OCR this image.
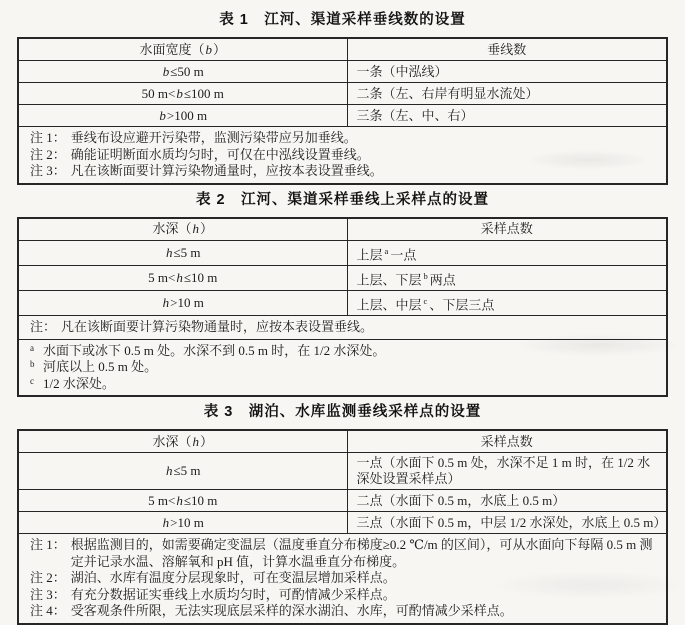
表 1　江河、渠道采样垂线数的设置
水面宽度（b）	垂线数
b≤50 m	一条（中泓线）
50 m<b≤100 m	二条（左、右岸有明显水流处）
b>100 m	三条（左、中、右）

注 1： 垂线布设应避开污染带，监测污染带应另加垂线。
注 2： 确能证明断面水质均匀时，可仅在中泓线设置垂线。
注 3： 凡在该断面要计算污染物通量时，应按本表设置垂线。
表 2　江河、渠道采样垂线上采样点的设置
水深（h）	采样点数
h≤5 m	上层 $^a$ 一点
5 m<h≤10 m	上层、下层 $^b$ 两点
h>10 m	上层、中层 $^c$ 、下层三点

注： 凡在该断面要计算污染物通量时，应按本表设置垂线。	

a 水面下或冰下 0.5 m 处。水深不到 0.5 m 时，在 1/2 水深处。
b 河底以上 0.5 m 处。
c 1/2 水深处。
表 3　湖泊、水库监测垂线采样点的设置
水深（h）	采样点数
h≤5 m	一点（水面下 0.5 m 处，水深不足 1 m 时，在 1/2 水深处设置采样点）
5 m<h≤10 m	二点（水面下 0.5 m，水底上 0.5 m）
h>10 m	三点（水面下 0.5 m，中层 1/2 水深处，水底上 0.5 m）

注 1： 根据监测目的，如需要确定变温层（温度垂直分布梯度≥0.2 ℃/m 的区间），可从水面向下每隔 0.5 m 测定并记录水温、溶解氧和 pH 值，计算水温垂直分布梯度。
注 2： 湖泊、水库有温度分层现象时，可在变温层增加采样点。
注 3： 有充分数据证实垂线上水质均匀时，可酌情减少采样点。
注 4： 受客观条件所限，无法实现底层采样的深水湖泊、水库，可酌情减少采样点。
